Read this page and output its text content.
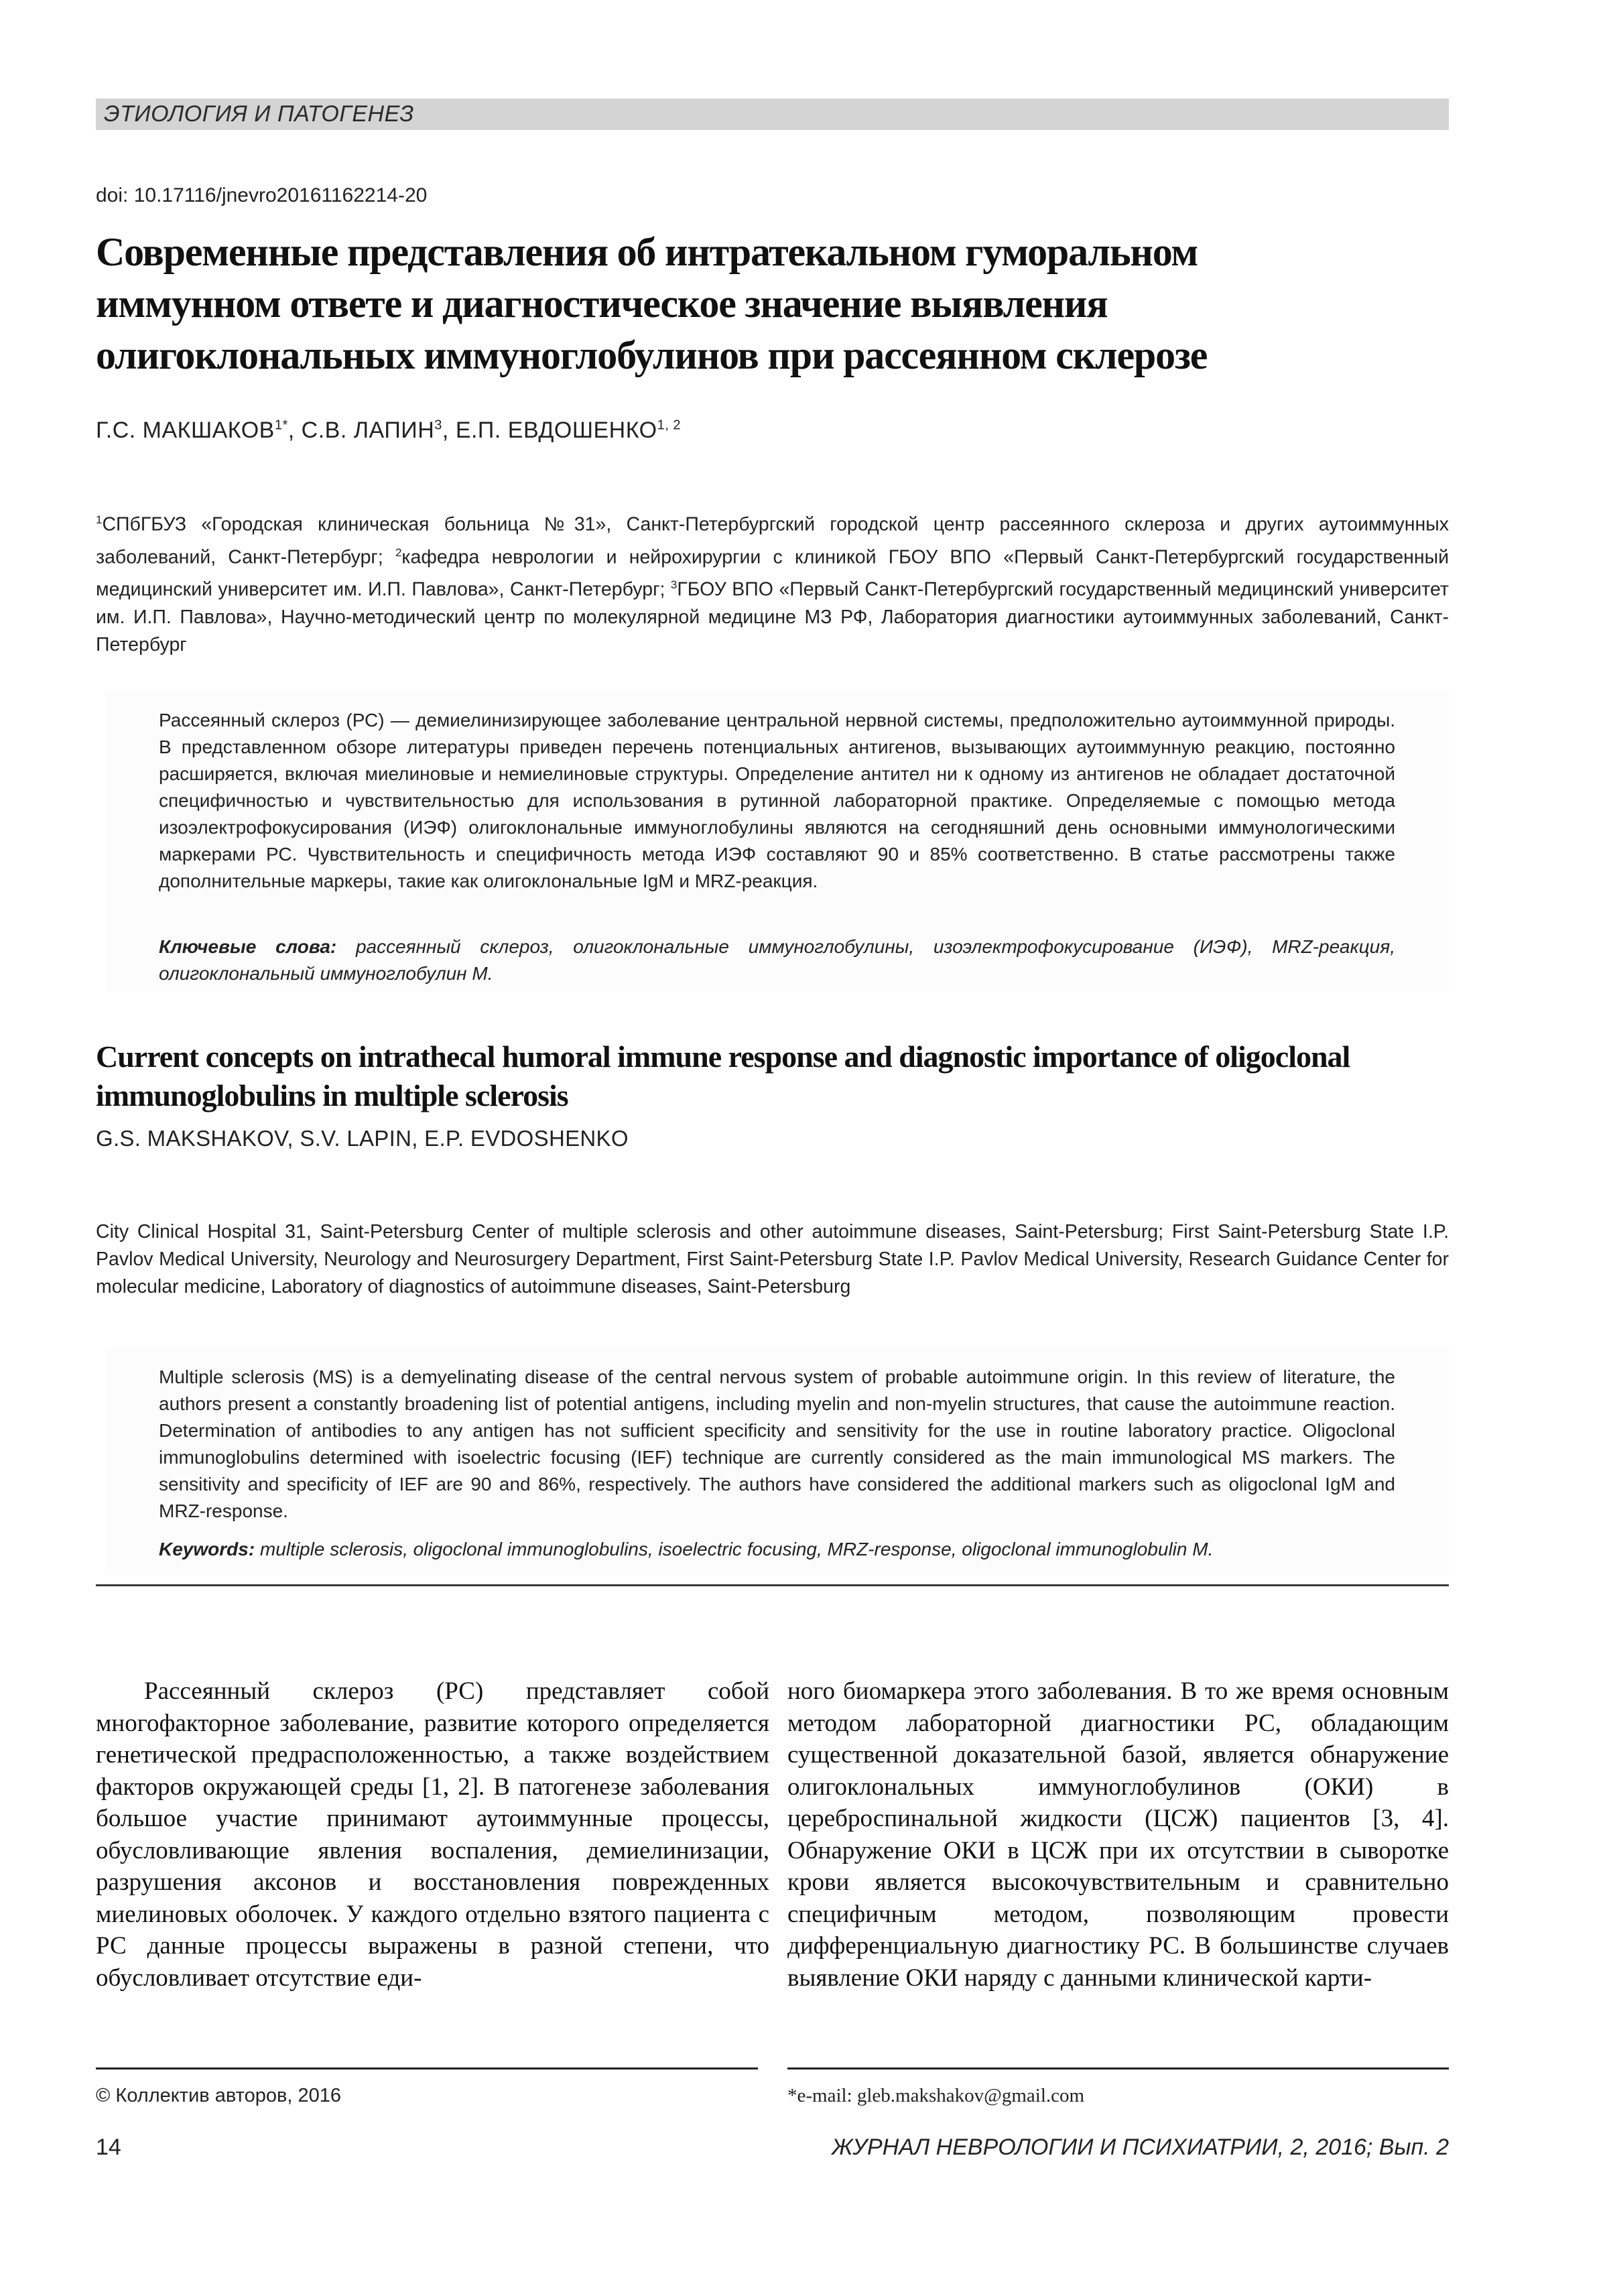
ЭТИОЛОГИЯ И ПАТОГЕНЕЗ
doi: 10.17116/jnevro20161162214-20
Современные представления об интратекальном гуморальном иммунном ответе и диагностическое значение выявления олигоклональных иммуноглобулинов при рассеянном склерозе
Г.С. $МАКШАКОВ^{1*}$, С.В. ЛАПИН$^3$, Е.П. ЕВДОШЕНКО$^{1, 2}$
$^1$СПбГБУЗ «Городская клиническая больница №31», Санкт-Петербургский городской центр рассеянного склероза и других аутоиммунных заболеваний, Санкт-Петербург; $^2$кафедра неврологии и нейрохирургии с клиникой ГБОУ ВПО «Первый Санкт-Петербургский государственный медицинский университет им. И.П. Павлова», Санкт-Петербург; $^3$ГБОУ ВПО «Первый Санкт-Петербургский государственный медицинский университет им. И.П. Павлова», Научно-методический центр по молекулярной медицине МЗ РФ, Лаборатория диагностики аутоиммунных заболеваний, Санкт-Петербург
Рассеянный склероз (РС) — демиелинизирующее заболевание центральной нервной системы, предположительно аутоиммунной природы. В представленном обзоре литературы приведен перечень потенциальных антигенов, вызывающих аутоиммунную реакцию, постоянно расширяется, включая миелиновые и немиелиновые структуры. Определение антител ни к одному из антигенов не обладает достаточной специфичностью и чувствительностью для использования в рутинной лабораторной практике. Определяемые с помощью метода изоэлектрофокусирования (ИЭФ) олигоклональные иммуноглобулины являются на сегодняшний день основными иммунологическими маркерами РС. Чувствительность и специфичность метода ИЭФ составляют 90 и 85% соответственно. В статье рассмотрены также дополнительные маркеры, такие как олигоклональные IgM и MRZ-реакция.
Ключевые слова: рассеянный склероз, олигоклональные иммуноглобулины, изоэлектрофокусирование (ИЭФ), MRZ-реакция, олигоклональный иммуноглобулин М.
Current concepts on intrathecal humoral immune response and diagnostic importance of oligoclonal immunoglobulins in multiple sclerosis
G.S. MAKSHAKOV, S.V. LAPIN, E.P. EVDOSHENKO
City Clinical Hospital 31, Saint-Petersburg Center of multiple sclerosis and other autoimmune diseases, Saint-Petersburg; First Saint-Petersburg State I.P. Pavlov Medical University, Neurology and Neurosurgery Department, First Saint-Petersburg State I.P. Pavlov Medical University, Research Guidance Center for molecular medicine, Laboratory of diagnostics of autoimmune diseases, Saint-Petersburg
Multiple sclerosis (MS) is a demyelinating disease of the central nervous system of probable autoimmune origin. In this review of literature, the authors present a constantly broadening list of potential antigens, including myelin and non-myelin structures, that cause the autoimmune reaction. Determination of antibodies to any antigen has not sufficient specificity and sensitivity for the use in routine laboratory practice. Oligoclonal immunoglobulins determined with isoelectric focusing (IEF) technique are currently considered as the main immunological MS markers. The sensitivity and specificity of IEF are 90 and 86%, respectively. The authors have considered the additional markers such as oligoclonal IgM and MRZ-response.
Keywords: multiple sclerosis, oligoclonal immunoglobulins, isoelectric focusing, MRZ-response, oligoclonal immunoglobulin M.

Рассеянный склероз (РС) представляет собой многофакторное заболевание, развитие которого определяется генетической предрасположенностью, а также воздействием факторов окружающей среды [1, 2]. В патогенезе заболевания большое участие принимают аутоиммунные процессы, обусловливающие явления воспаления, демиелинизации, разрушения аксонов и восстановления поврежденных миелиновых оболочек. У каждого отдельно взятого пациента с РС данные процессы выражены в разной степени, что обусловливает отсутствие еди-

ного биомаркера этого заболевания. В то же время основным методом лабораторной диагностики РС, обладающим существенной доказательной базой, является обнаружение олигоклональных иммуноглобулинов (ОКИ) в цереброспинальной жидкости (ЦСЖ) пациентов [3, 4]. Обнаружение ОКИ в ЦСЖ при их отсутствии в сыворотке крови является высокочувствительным и сравнительно специфичным методом, позволяющим провести дифференциальную диагностику РС. В большинстве случаев выявление ОКИ наряду с данными клинической карти-

© Коллектив авторов, 2016	*e-mail: gleb.makshakov@gmail.com
14	ЖУРНАЛ НЕВРОЛОГИИ И ПСИХИАТРИИ, 2, 2016; Вып. 2
